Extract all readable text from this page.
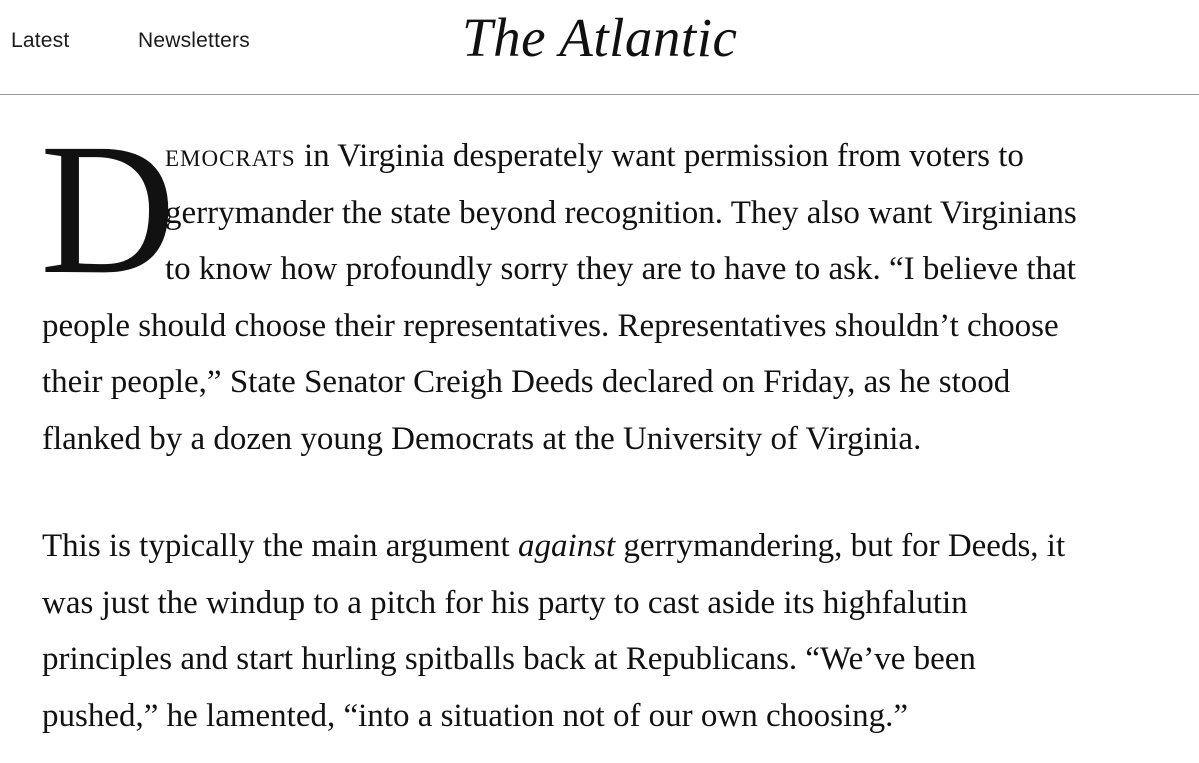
Latest	Newsletters	The Atlantic

D
emocrats in Virginia desperately want permission from voters to
gerrymander the state beyond recognition. They also want Virginians
to know how profoundly sorry they are to have to ask. “I believe that
people should choose their representatives. Representatives shouldn’t choose
their people,” State Senator Creigh Deeds declared on Friday, as he stood
flanked by a dozen young Democrats at the University of Virginia.

This is typically the main argument against gerrymandering, but for Deeds, it
was just the windup to a pitch for his party to cast aside its highfalutin
principles and start hurling spitballs back at Republicans. “We’ve been
pushed,” he lamented, “into a situation not of our own choosing.”
